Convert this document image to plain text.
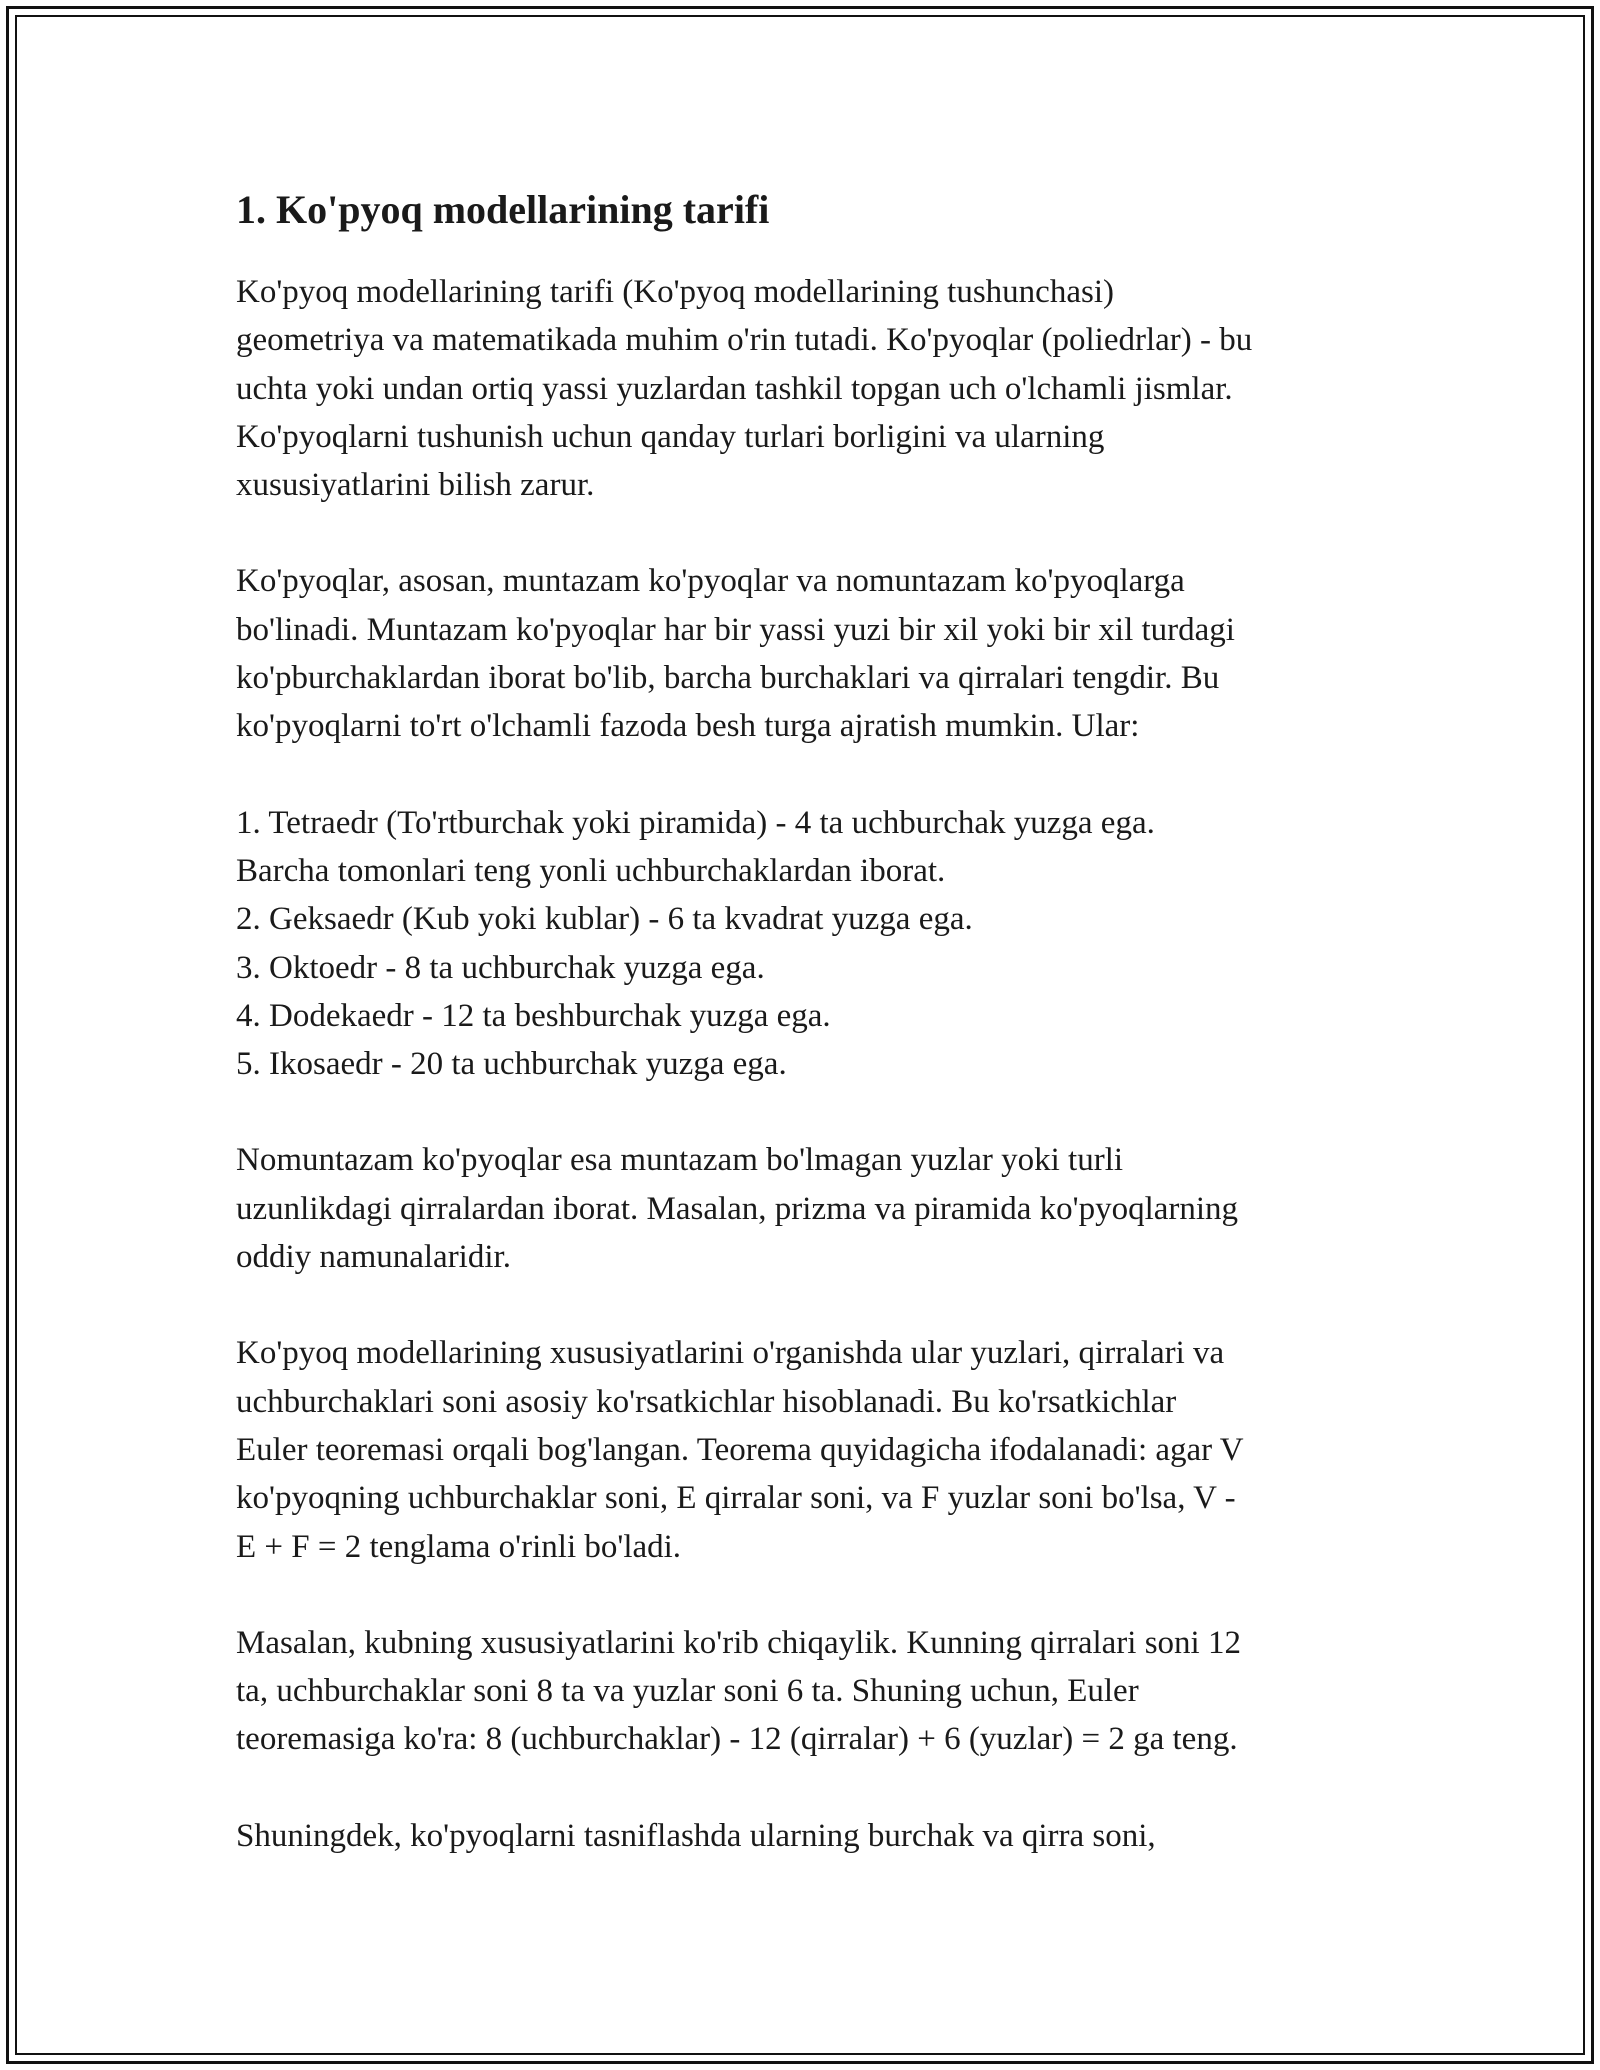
1. Ko'pyoq modellarining tarifi

Ko'pyoq modellarining tarifi (Ko'pyoq modellarining tushunchasi)
geometriya va matematikada muhim o'rin tutadi. Ko'pyoqlar (poliedrlar) - bu
uchta yoki undan ortiq yassi yuzlardan tashkil topgan uch o'lchamli jismlar.
Ko'pyoqlarni tushunish uchun qanday turlari borligini va ularning
xususiyatlarini bilish zarur.

Ko'pyoqlar, asosan, muntazam ko'pyoqlar va nomuntazam ko'pyoqlarga
bo'linadi. Muntazam ko'pyoqlar har bir yassi yuzi bir xil yoki bir xil turdagi
ko'pburchaklardan iborat bo'lib, barcha burchaklari va qirralari tengdir. Bu
ko'pyoqlarni to'rt o'lchamli fazoda besh turga ajratish mumkin. Ular:

1. Tetraedr (To'rtburchak yoki piramida) - 4 ta uchburchak yuzga ega.
Barcha tomonlari teng yonli uchburchaklardan iborat.
2. Geksaedr (Kub yoki kublar) - 6 ta kvadrat yuzga ega.
3. Oktoedr - 8 ta uchburchak yuzga ega.
4. Dodekaedr - 12 ta beshburchak yuzga ega.
5. Ikosaedr - 20 ta uchburchak yuzga ega.

Nomuntazam ko'pyoqlar esa muntazam bo'lmagan yuzlar yoki turli
uzunlikdagi qirralardan iborat. Masalan, prizma va piramida ko'pyoqlarning
oddiy namunalaridir.

Ko'pyoq modellarining xususiyatlarini o'rganishda ular yuzlari, qirralari va
uchburchaklari soni asosiy ko'rsatkichlar hisoblanadi. Bu ko'rsatkichlar
Euler teoremasi orqali bog'langan. Teorema quyidagicha ifodalanadi: agar V
ko'pyoqning uchburchaklar soni, E qirralar soni, va F yuzlar soni bo'lsa, V -
E + F = 2 tenglama o'rinli bo'ladi.

Masalan, kubning xususiyatlarini ko'rib chiqaylik. Kunning qirralari soni 12
ta, uchburchaklar soni 8 ta va yuzlar soni 6 ta. Shuning uchun, Euler
teoremasiga ko'ra: 8 (uchburchaklar) - 12 (qirralar) + 6 (yuzlar) = 2 ga teng.

Shuningdek, ko'pyoqlarni tasniflashda ularning burchak va qirra soni,
